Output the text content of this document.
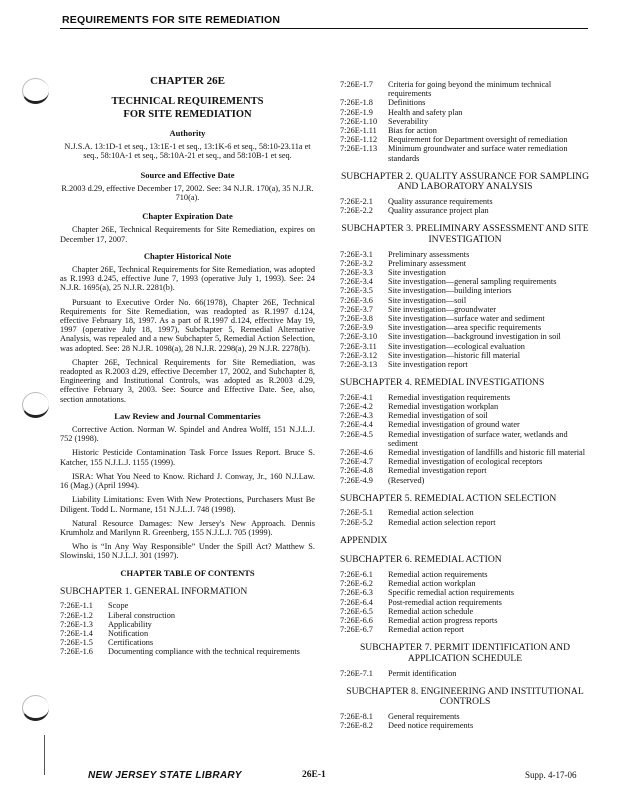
REQUIREMENTS FOR SITE REMEDIATION
CHAPTER 26E
TECHNICAL REQUIREMENTS
FOR SITE REMEDIATION
Authority
N.J.S.A. 13:1D-1 et seq., 13:1E-1 et seq., 13:1K-6 et seq., 58:10-23.11a et seq., 58:10A-1 et seq., 58:10A-21 et seq., and 58:10B-1 et seq.
Source and Effective Date
R.2003 d.29, effective December 17, 2002. See: 34 N.J.R. 170(a), 35 N.J.R. 710(a).
Chapter Expiration Date
Chapter 26E, Technical Requirements for Site Remediation, expires on December 17, 2007.
Chapter Historical Note
Chapter 26E, Technical Requirements for Site Remediation, was adopted as R.1993 d.245, effective June 7, 1993 (operative July 1, 1993). See: 24 N.J.R. 1695(a), 25 N.J.R. 2281(b).
Pursuant to Executive Order No. 66(1978), Chapter 26E, Technical Requirements for Site Remediation, was readopted as R.1997 d.124, effective February 18, 1997. As a part of R.1997 d.124, effective May 19, 1997 (operative July 18, 1997), Subchapter 5, Remedial Alternative Analysis, was repealed and a new Subchapter 5, Remedial Action Selection, was adopted. See: 28 N.J.R. 1098(a), 28 N.J.R. 2298(a), 29 N.J.R. 2278(b).
Chapter 26E, Technical Requirements for Site Remediation, was readopted as R.2003 d.29, effective December 17, 2002, and Subchapter 8, Engineering and Institutional Controls, was adopted as R.2003 d.29, effective February 3, 2003. See: Source and Effective Date. See, also, section annotations.
Law Review and Journal Commentaries
Corrective Action. Norman W. Spindel and Andrea Wolff, 151 N.J.L.J. 752 (1998).
Historic Pesticide Contamination Task Force Issues Report. Bruce S. Katcher, 155 N.J.L.J. 1155 (1999).
ISRA: What You Need to Know. Richard J. Conway, Jr., 160 N.J.Law. 16 (Mag.) (April 1994).
Liability Limitations: Even With New Protections, Purchasers Must Be Diligent. Todd L. Normane, 151 N.J.L.J. 748 (1998).
Natural Resource Damages: New Jersey's New Approach. Dennis Krumholz and Marilynn R. Greenberg, 155 N.J.L.J. 705 (1999).
Who is “In Any Way Responsible” Under the Spill Act? Matthew S. Slowinski, 150 N.J.L.J. 301 (1997).
CHAPTER TABLE OF CONTENTS
SUBCHAPTER 1. GENERAL INFORMATION
7:26E-1.1	Scope
7:26E-1.2	Liberal construction
7:26E-1.3	Applicability
7:26E-1.4	Notification
7:26E-1.5	Certifications
7:26E-1.6	Documenting compliance with the technical requirements
7:26E-1.7	Criteria for going beyond the minimum technical requirements
7:26E-1.8	Definitions
7:26E-1.9	Health and safety plan
7:26E-1.10	Severability
7:26E-1.11	Bias for action
7:26E-1.12	Requirement for Department oversight of remediation
7:26E-1.13	Minimum groundwater and surface water remediation standards
SUBCHAPTER 2. QUALITY ASSURANCE FOR SAMPLING AND LABORATORY ANALYSIS
7:26E-2.1	Quality assurance requirements
7:26E-2.2	Quality assurance project plan
SUBCHAPTER 3. PRELIMINARY ASSESSMENT AND SITE INVESTIGATION
7:26E-3.1	Preliminary assessments
7:26E-3.2	Preliminary assessment
7:26E-3.3	Site investigation
7:26E-3.4	Site investigation—general sampling requirements
7:26E-3.5	Site investigation—building interiors
7:26E-3.6	Site investigation—soil
7:26E-3.7	Site investigation—groundwater
7:26E-3.8	Site investigation—surface water and sediment
7:26E-3.9	Site investigation—area specific requirements
7:26E-3.10	Site investigation—background investigation in soil
7:26E-3.11	Site investigation—ecological evaluation
7:26E-3.12	Site investigation—historic fill material
7:26E-3.13	Site investigation report
SUBCHAPTER 4. REMEDIAL INVESTIGATIONS
7:26E-4.1	Remedial investigation requirements
7:26E-4.2	Remedial investigation workplan
7:26E-4.3	Remedial investigation of soil
7:26E-4.4	Remedial investigation of ground water
7:26E-4.5	Remedial investigation of surface water, wetlands and sediment
7:26E-4.6	Remedial investigation of landfills and historic fill material
7:26E-4.7	Remedial investigation of ecological receptors
7:26E-4.8	Remedial investigation report
7:26E-4.9	(Reserved)
SUBCHAPTER 5. REMEDIAL ACTION SELECTION
7:26E-5.1	Remedial action selection
7:26E-5.2	Remedial action selection report
APPENDIX
SUBCHAPTER 6. REMEDIAL ACTION
7:26E-6.1	Remedial action requirements
7:26E-6.2	Remedial action workplan
7:26E-6.3	Specific remedial action requirements
7:26E-6.4	Post-remedial action requirements
7:26E-6.5	Remedial action schedule
7:26E-6.6	Remedial action progress reports
7:26E-6.7	Remedial action report
SUBCHAPTER 7. PERMIT IDENTIFICATION AND APPLICATION SCHEDULE
7:26E-7.1	Permit identification
SUBCHAPTER 8. ENGINEERING AND INSTITUTIONAL CONTROLS
7:26E-8.1	General requirements
7:26E-8.2	Deed notice requirements
NEW JERSEY STATE LIBRARY	26E-1	Supp. 4-17-06
